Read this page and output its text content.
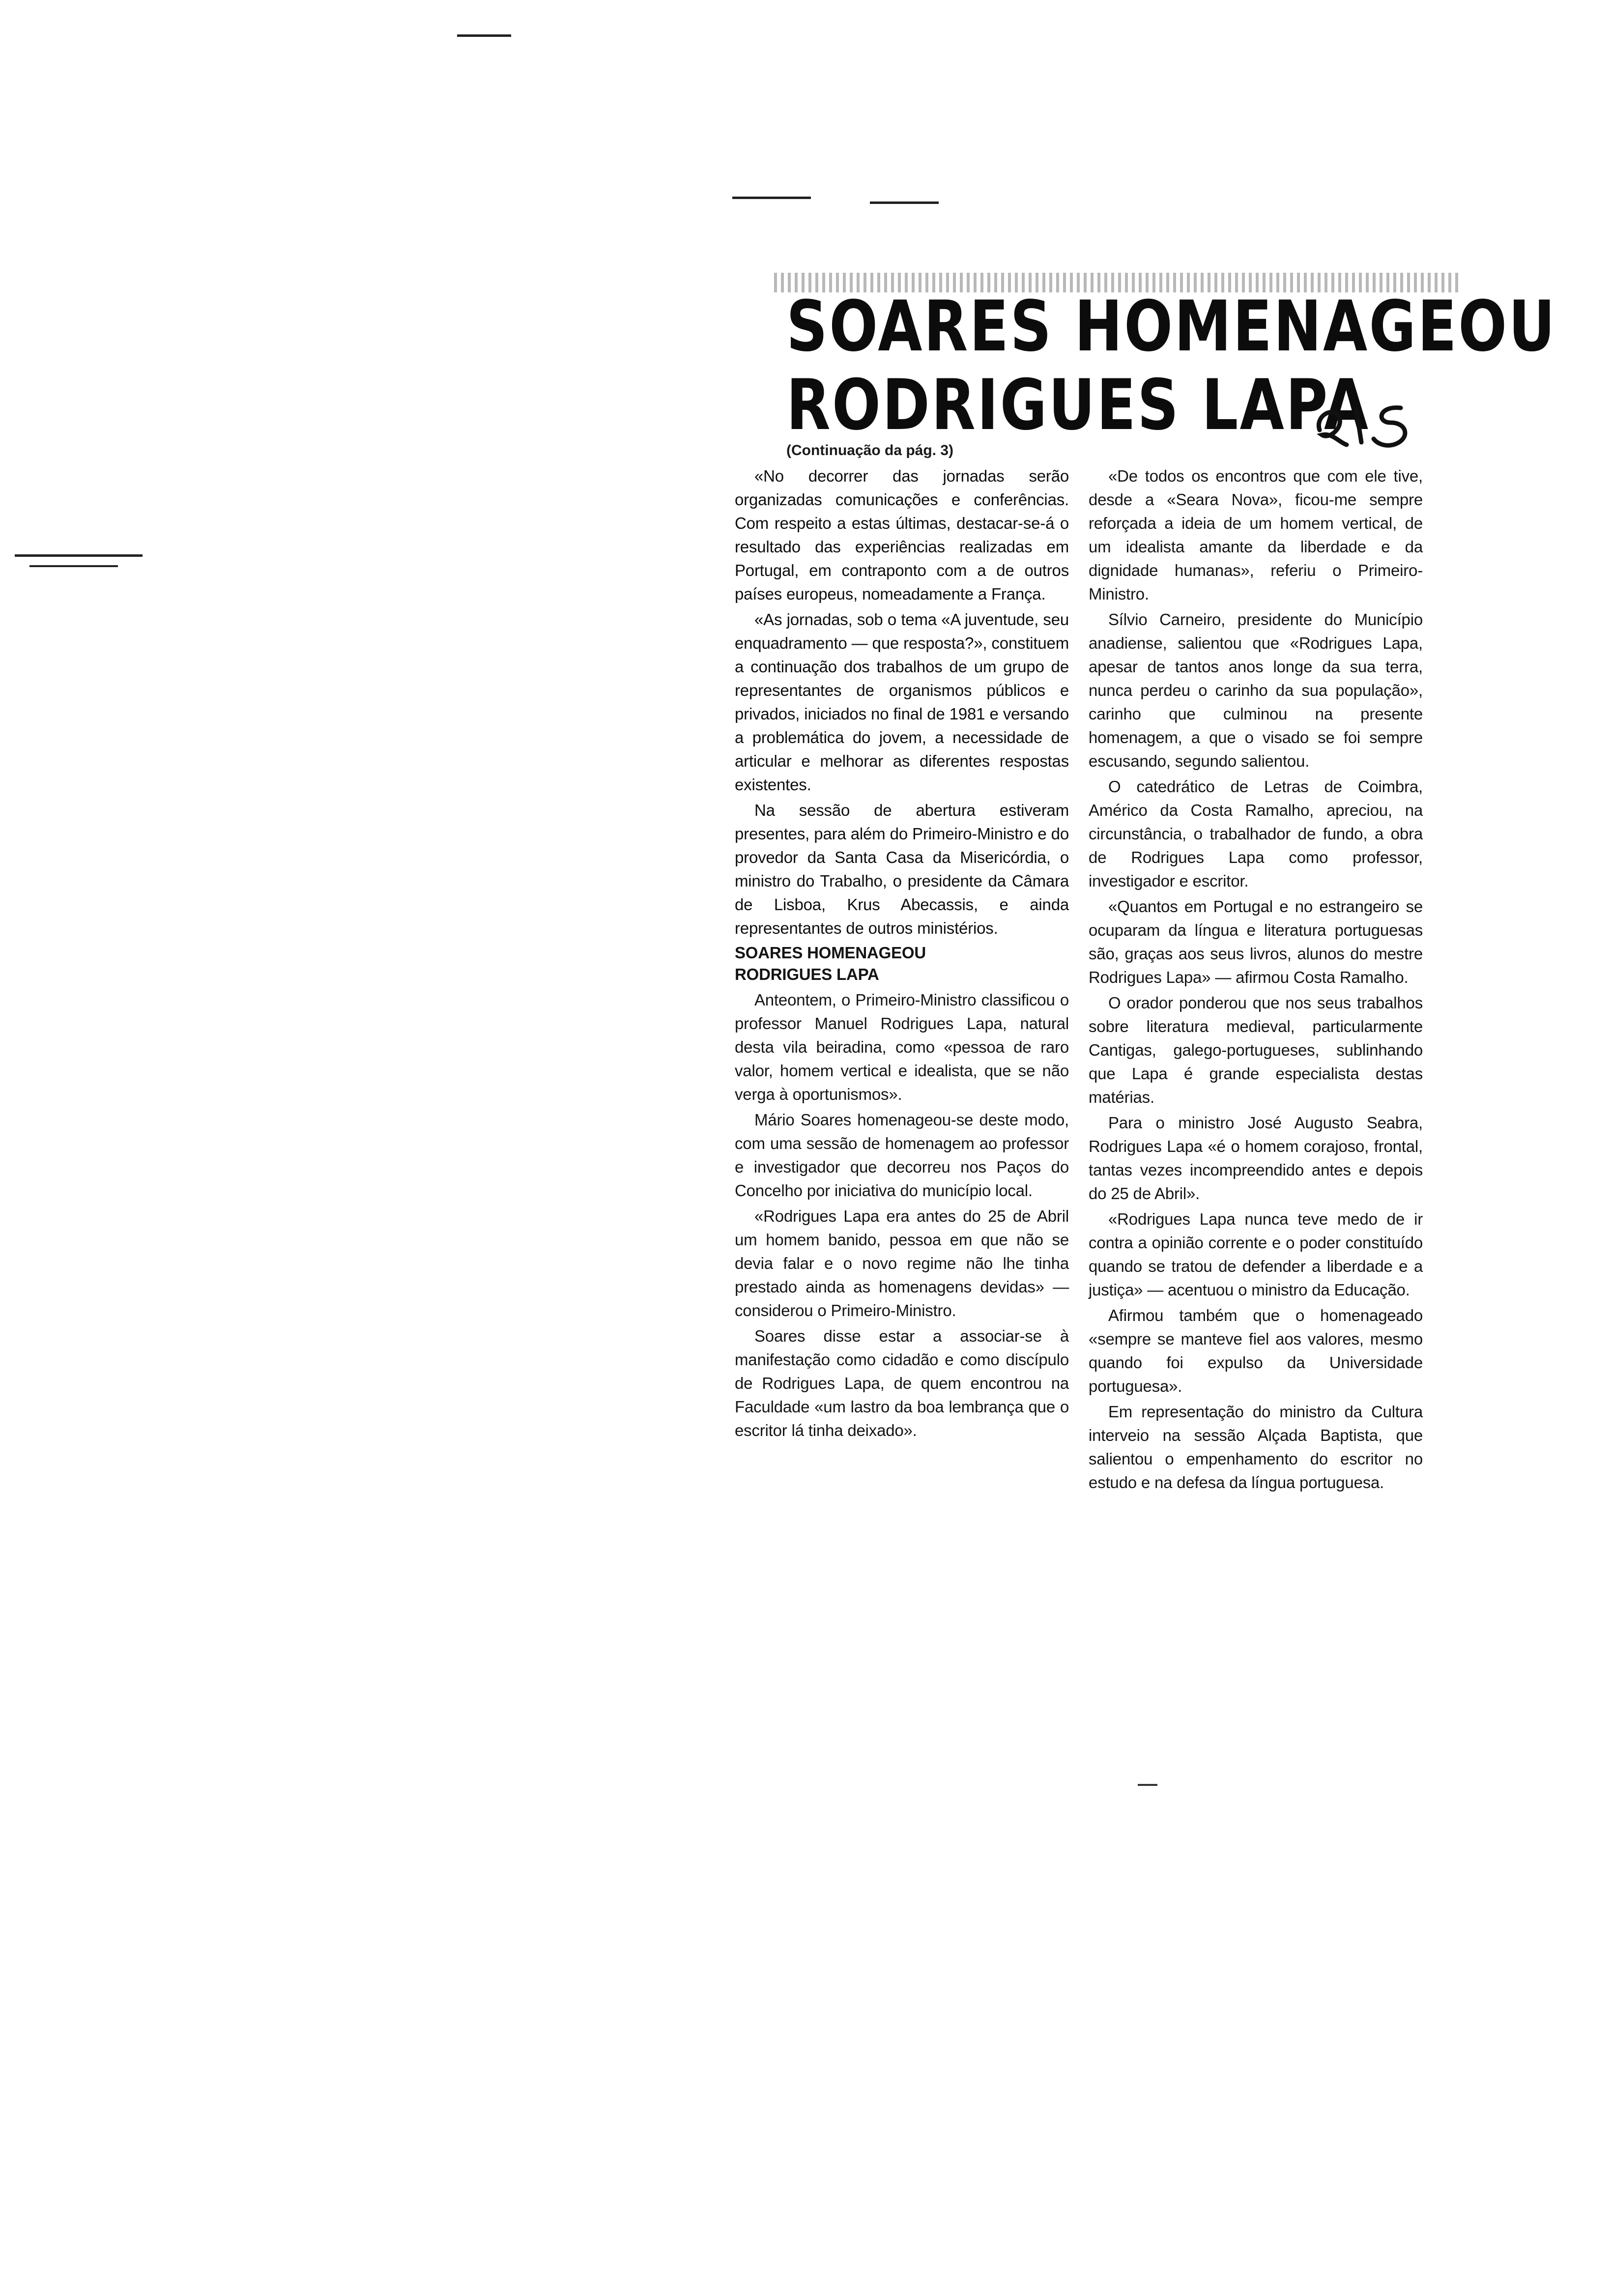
SOARES HOMENAGEOU
RODRIGUES LAPA
(Continuação da pág. 3)

«No decorrer das jornadas serão organizadas comunicações e conferências. Com respeito a estas últimas, destacar-se-á o resultado das experiências realizadas em Portugal, em contraponto com a de outros países europeus, nomeadamente a França.

«As jornadas, sob o tema «A juventude, seu enquadramento — que resposta?», constituem a continuação dos trabalhos de um grupo de representantes de organismos públicos e privados, iniciados no final de 1981 e versando a problemática do jovem, a necessidade de articular e melhorar as diferentes respostas existentes.

Na sessão de abertura estiveram presentes, para além do Primeiro-Ministro e do provedor da Santa Casa da Misericórdia, o ministro do Trabalho, o presidente da Câmara de Lisboa, Krus Abecassis, e ainda representantes de outros ministérios.

SOARES HOMENAGEOU
RODRIGUES LAPA

Anteontem, o Primeiro-Ministro classificou o professor Manuel Rodrigues Lapa, natural desta vila beiradina, como «pessoa de raro valor, homem vertical e idealista, que se não verga à oportunismos».

Mário Soares homenageou-se deste modo, com uma sessão de homenagem ao professor e investigador que decorreu nos Paços do Concelho por iniciativa do município local.

«Rodrigues Lapa era antes do 25 de Abril um homem banido, pessoa em que não se devia falar e o novo regime não lhe tinha prestado ainda as homenagens devidas» — considerou o Primeiro-Ministro.

Soares disse estar a associar-se à manifestação como cidadão e como discípulo de Rodrigues Lapa, de quem encontrou na Faculdade «um lastro da boa lembrança que o escritor lá tinha deixado».

«De todos os encontros que com ele tive, desde a «Seara Nova», ficou-me sempre reforçada a ideia de um homem vertical, de um idealista amante da liberdade e da dignidade humanas», referiu o Primeiro-Ministro.

Sílvio Carneiro, presidente do Município anadiense, salientou que «Rodrigues Lapa, apesar de tantos anos longe da sua terra, nunca perdeu o carinho da sua população», carinho que culminou na presente homenagem, a que o visado se foi sempre escusando, segundo salientou.

O catedrático de Letras de Coimbra, Américo da Costa Ramalho, apreciou, na circunstância, o trabalhador de fundo, a obra de Rodrigues Lapa como professor, investigador e escritor.

«Quantos em Portugal e no estrangeiro se ocuparam da língua e literatura portuguesas são, graças aos seus livros, alunos do mestre Rodrigues Lapa» — afirmou Costa Ramalho.

O orador ponderou que nos seus trabalhos sobre literatura medieval, particularmente Cantigas, galego-portugueses, sublinhando que Lapa é grande especialista destas matérias.

Para o ministro José Augusto Seabra, Rodrigues Lapa «é o homem corajoso, frontal, tantas vezes incompreendido antes e depois do 25 de Abril».

«Rodrigues Lapa nunca teve medo de ir contra a opinião corrente e o poder constituído quando se tratou de defender a liberdade e a justiça» — acentuou o ministro da Educação.

Afirmou também que o homenageado «sempre se manteve fiel aos valores, mesmo quando foi expulso da Universidade portuguesa».

Em representação do ministro da Cultura interveio na sessão Alçada Baptista, que salientou o empenhamento do escritor no estudo e na defesa da língua portuguesa.
